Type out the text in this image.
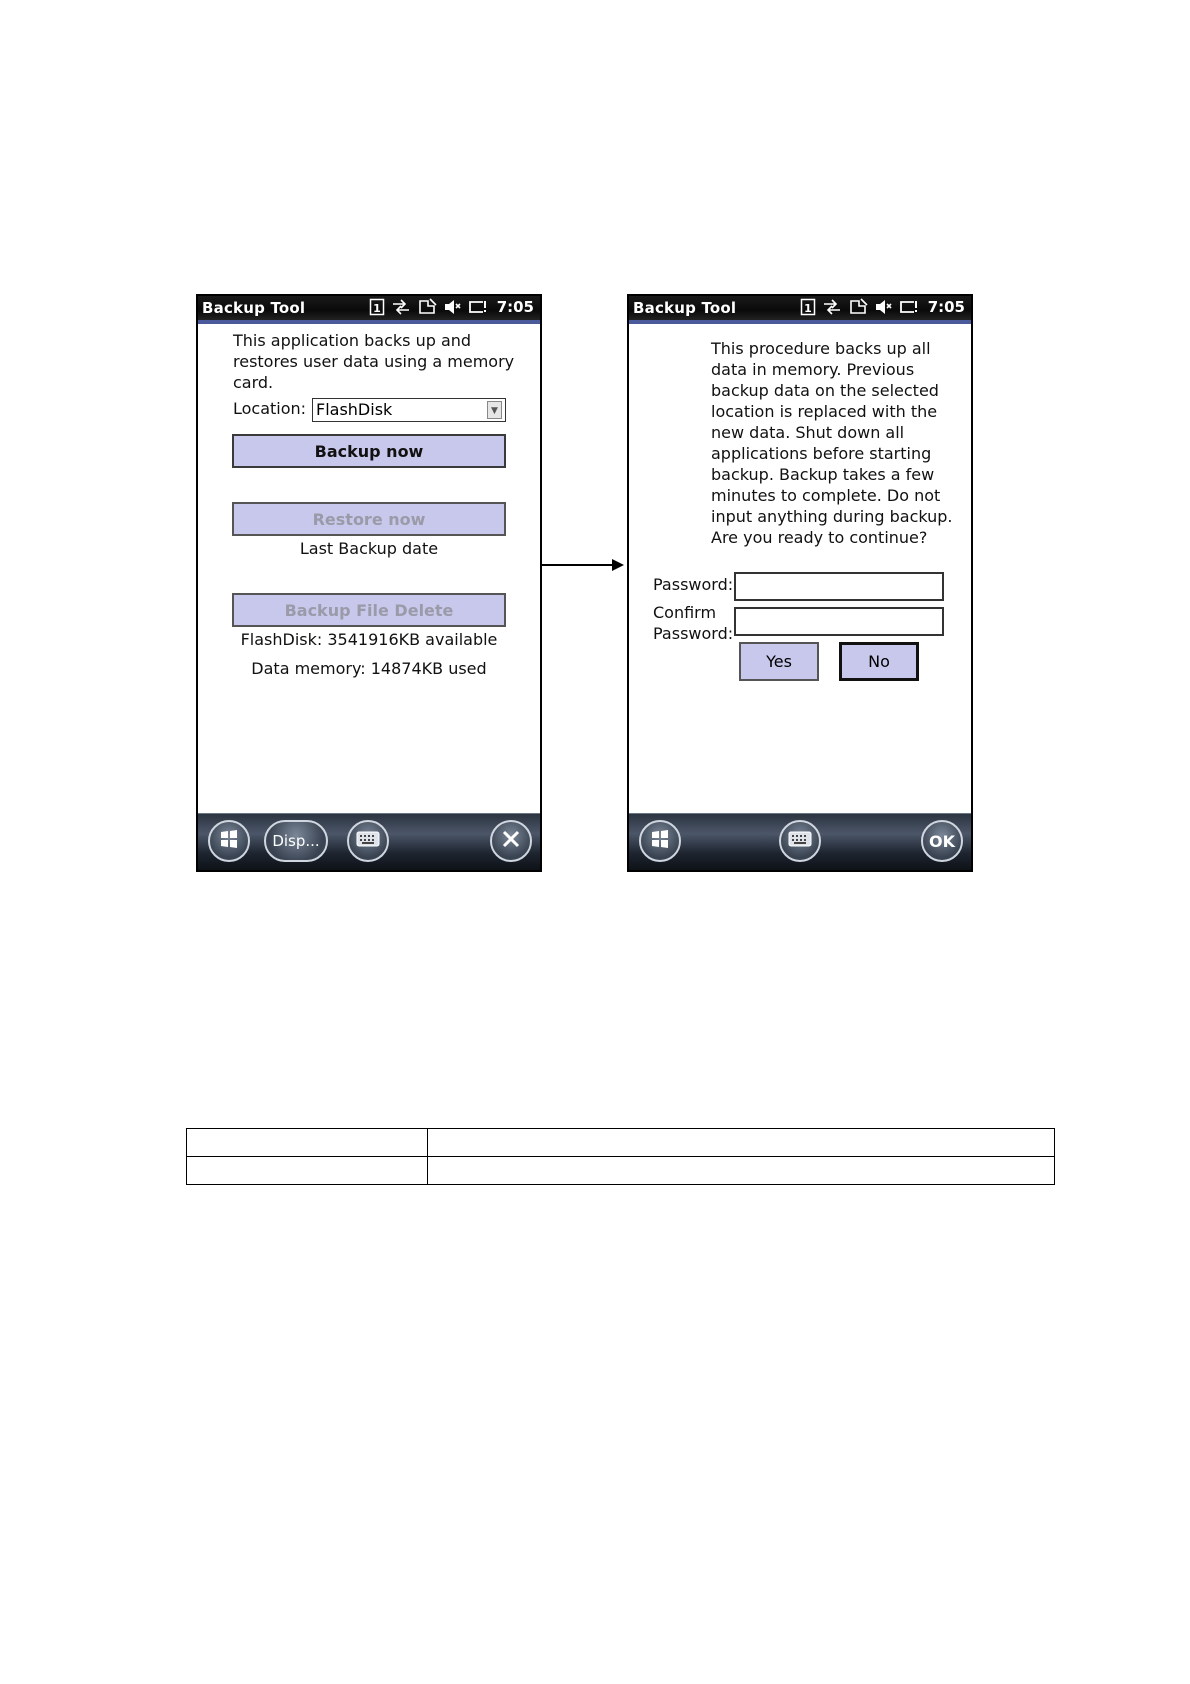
Backup Tool	1	7:05
This application backs up and
restores user data using a memory
card.
Location: FlashDisk	▼
Backup now
Restore now
Last Backup date
Backup File Delete
FlashDisk: 3541916KB available
Data memory: 14874KB used
Disp...
Backup Tool	1	7:05
This procedure backs up all
data in memory. Previous
backup data on the selected
location is replaced with the
new data. Shut down all
applications before starting
backup. Backup takes a few
minutes to complete. Do not
input anything during backup.
Are you ready to continue?
Password:
Confirm
Password:
Yes	No
OK
